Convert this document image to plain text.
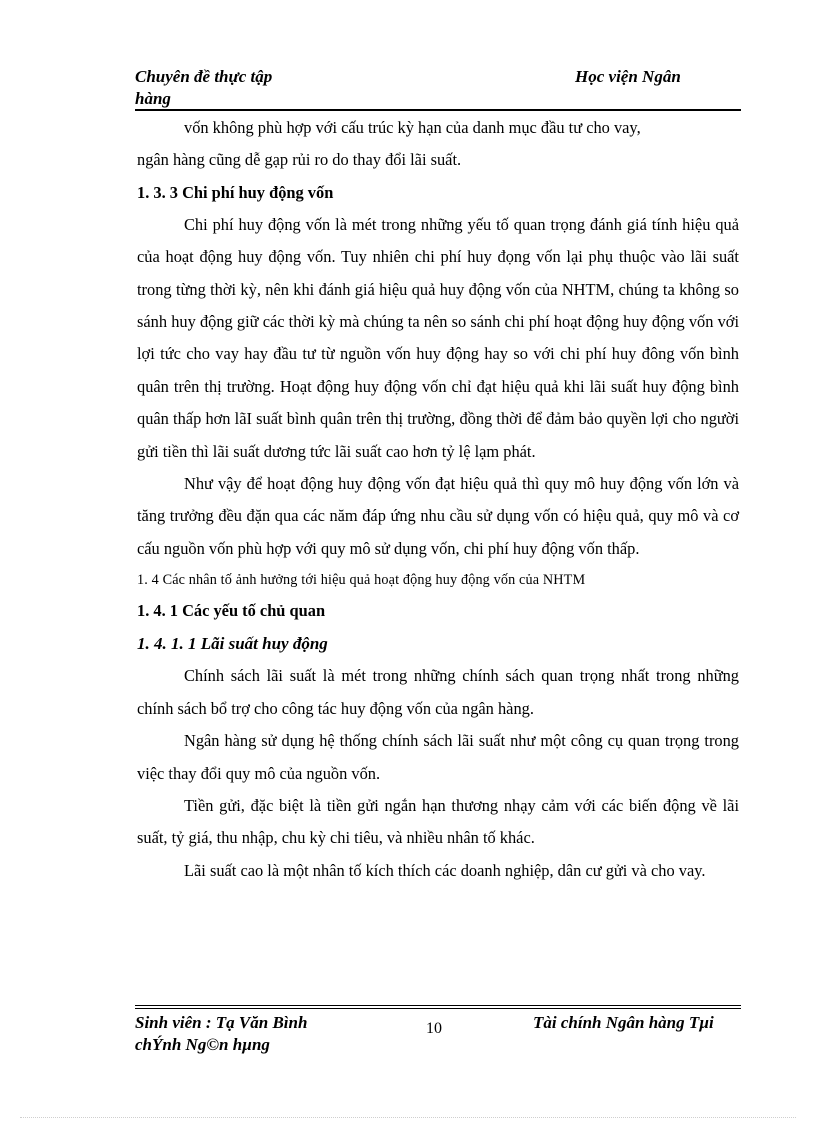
Chuyên đề thực tập
hàng
Học viện Ngân

vốn không phù hợp với cấu trúc kỳ hạn của danh mục đầu tư cho vay,

ngân hàng cũng dễ gạp rủi ro do thay đổi lãi suất.

1. 3. 3 Chi phí huy động vốn

Chi phí huy động vốn là mét trong những yếu tố quan trọng đánh giá tính hiệu quả của hoạt động huy động vốn. Tuy nhiên chi phí huy đọng vốn lại phụ thuộc vào lãi suất trong từng thời kỳ, nên khi đánh giá hiệu quả huy động vốn của NHTM, chúng ta không so sánh huy động giữ các thời kỳ mà chúng ta nên so sánh chi phí hoạt động huy động vốn với lợi tức cho vay hay đầu tư từ nguồn vốn huy động hay so với chi phí huy đông vốn bình quân trên thị trường. Hoạt động huy động vốn chỉ đạt hiệu quả khi lãi suất huy động bình quân thấp hơn lãI suất bình quân trên thị trường, đồng thời để đảm bảo quyền lợi cho người gửi tiền thì lãi suất dương tức lãi suất cao hơn tỷ lệ lạm phát.

Như vậy để hoạt động huy động vốn đạt hiệu quả thì quy mô huy động vốn lớn và tăng trưởng đều đặn qua các năm đáp ứng nhu cầu sử dụng vốn có hiệu quả, quy mô và cơ cấu nguồn vốn phù hợp với quy mô sử dụng vốn, chi phí huy động vốn thấp.

1. 4 Các nhân tố ảnh hưởng tới hiệu quả hoạt động huy động vốn của NHTM

1. 4. 1 Các yếu tố chủ quan

1. 4. 1. 1 Lãi suất huy động

Chính sách lãi suất là mét trong những chính sách quan trọng nhất trong những chính sách bổ trợ cho công tác huy động vốn của ngân hàng.

Ngân hàng sử dụng hệ thống chính sách lãi suất như một công cụ quan trọng trong việc thay đổi quy mô của nguồn vốn.

Tiền gửi, đặc biệt là tiền gửi ngắn hạn thương nhạy cảm với các biến động về lãi suất, tỷ giá, thu nhập, chu kỳ chi tiêu, và nhiều nhân tố khác.

Lãi suất cao là một nhân tố kích thích các doanh nghiệp, dân cư gửi và cho vay.

Sinh viên : Tạ Văn Bình
chÝnh Ng©n hµng
10	Tài chính Ngân hàng Tµi
